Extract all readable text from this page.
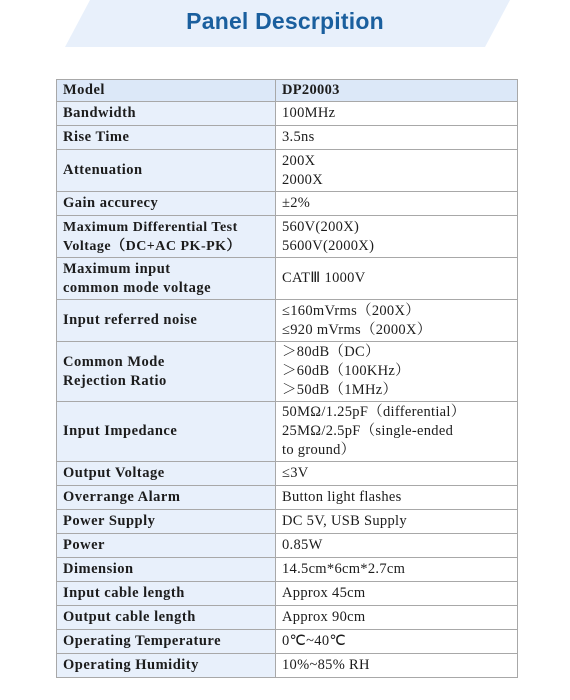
Panel Descrpition
Model	DP20003

Bandwidth	100MHz

Rise Time	3.5ns

Attenuation	200X
2000X

Gain accurecy	±2%

Maximum Differential Test
Voltage（DC+AC PK-PK）	560V(200X)
5600V(2000X)

Maximum input
common mode voltage	CATⅢ 1000V

Input referred noise	≤160mVrms（200X）
≤920 mVrms（2000X）

Common Mode
Rejection Ratio	＞80dB（DC）
＞60dB（100KHz）
＞50dB（1MHz）

Input Impedance	50MΩ/1.25pF（differential）
25MΩ/2.5pF（single-ended
to ground）

Output Voltage	≤3V

Overrange Alarm	Button light flashes

Power Supply	DC 5V, USB Supply

Power	0.85W

Dimension	14.5cm*6cm*2.7cm

Input cable length	Approx 45cm

Output cable length	Approx 90cm

Operating Temperature	0℃~40℃

Operating Humidity	10%~85% RH
